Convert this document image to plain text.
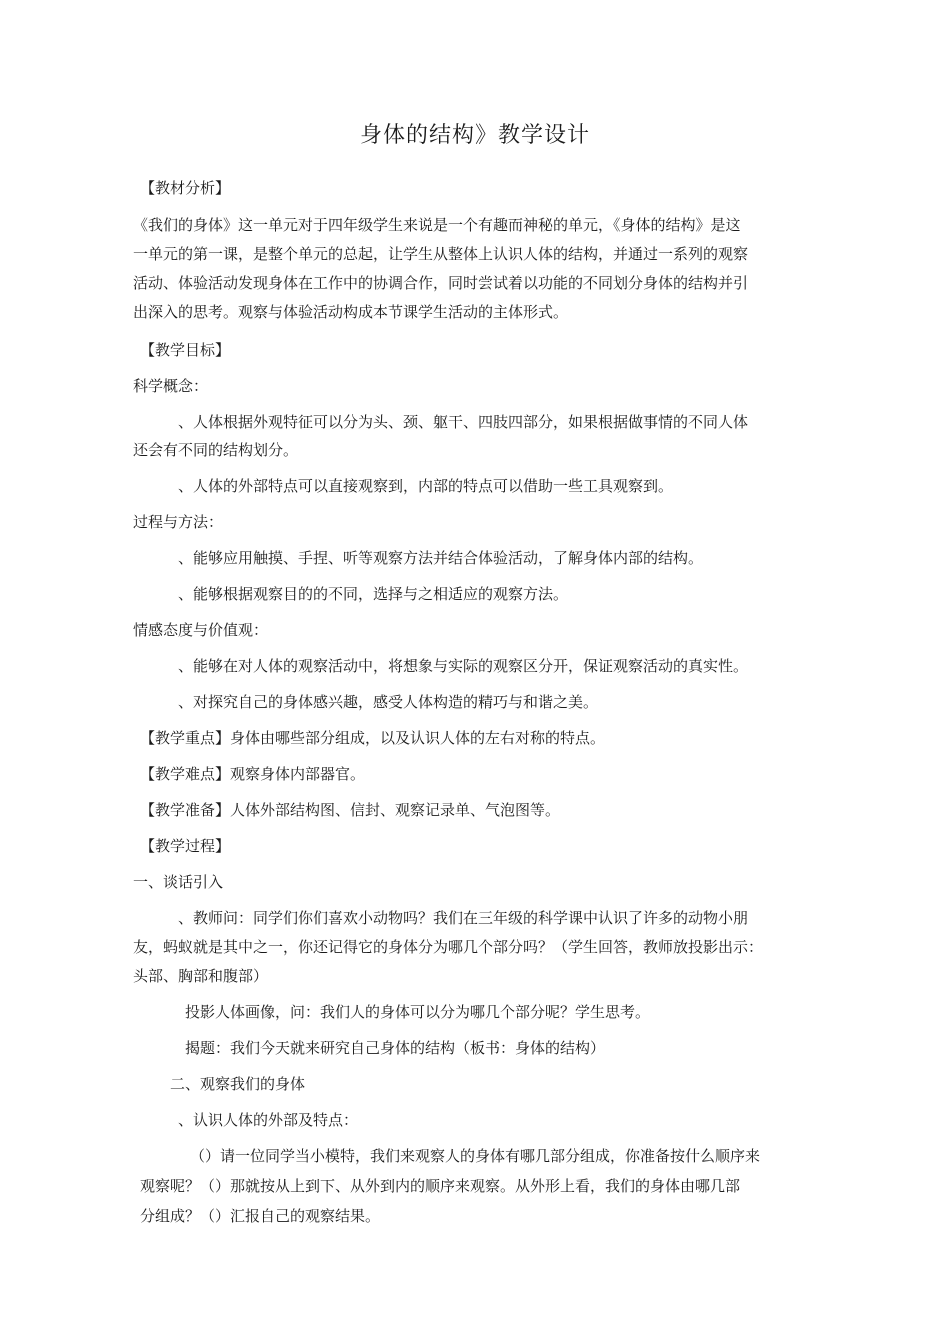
身体的结构》教学设计
【教材分析】
《我们的身体》这一单元对于四年级学生来说是一个有趣而神秘的单元，《身体的结构》是这
一单元的第一课，是整个单元的总起，让学生从整体上认识人体的结构，并通过一系列的观察
活动、体验活动发现身体在工作中的协调合作，同时尝试着以功能的不同划分身体的结构并引
出深入的思考。观察与体验活动构成本节课学生活动的主体形式。
【教学目标】
科学概念：
、人体根据外观特征可以分为头、颈、躯干、四肢四部分，如果根据做事情的不同人体
还会有不同的结构划分。
、人体的外部特点可以直接观察到，内部的特点可以借助一些工具观察到。
过程与方法：
、能够应用触摸、手捏、听等观察方法并结合体验活动，了解身体内部的结构。
、能够根据观察目的的不同，选择与之相适应的观察方法。
情感态度与价值观：
、能够在对人体的观察活动中，将想象与实际的观察区分开，保证观察活动的真实性。
、对探究自己的身体感兴趣，感受人体构造的精巧与和谐之美。
【教学重点】身体由哪些部分组成，以及认识人体的左右对称的特点。
【教学难点】观察身体内部器官。
【教学准备】人体外部结构图、信封、观察记录单、气泡图等。
【教学过程】
一、谈话引入
、教师问：同学们你们喜欢小动物吗？我们在三年级的科学课中认识了许多的动物小朋
友，蚂蚁就是其中之一，你还记得它的身体分为哪几个部分吗？（学生回答，教师放投影出示：
头部、胸部和腹部）
投影人体画像，问：我们人的身体可以分为哪几个部分呢？学生思考。
揭题：我们今天就来研究自己身体的结构（板书：身体的结构）
二、观察我们的身体
、认识人体的外部及特点：
（）请一位同学当小模特，我们来观察人的身体有哪几部分组成，你准备按什么顺序来
观察呢？（）那就按从上到下、从外到内的顺序来观察。从外形上看，我们的身体由哪几部
分组成？（）汇报自己的观察结果。
